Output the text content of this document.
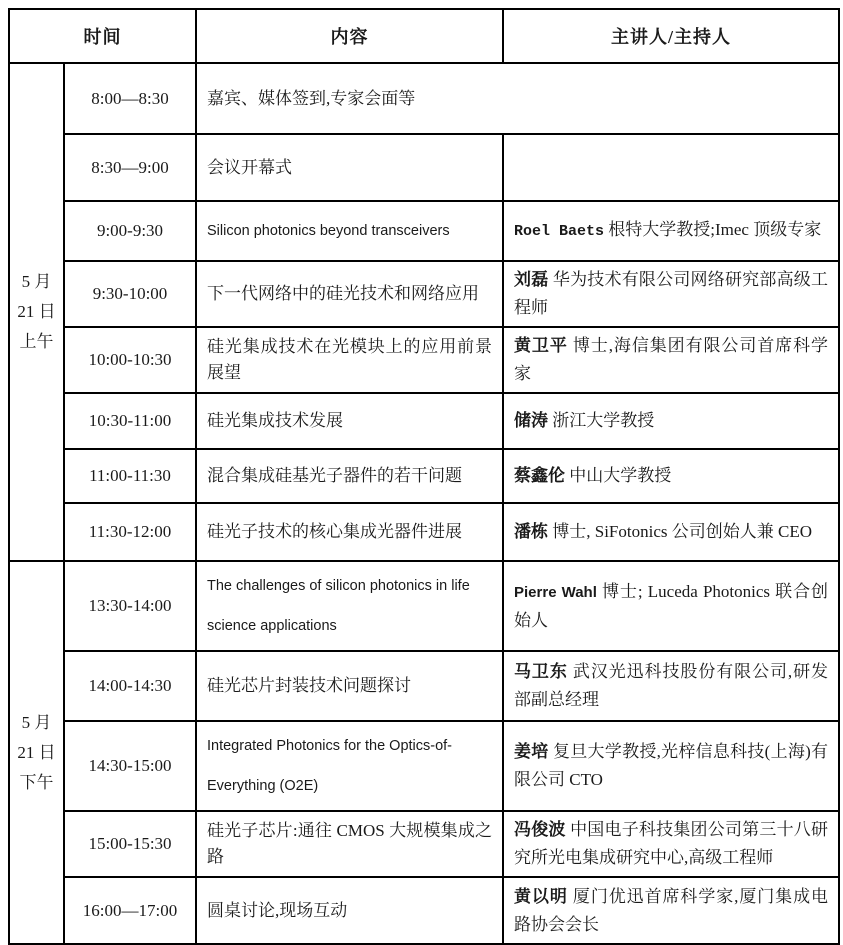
时间		内容	主讲人/主持人

5 月
21 日
上午	8:00—8:30	嘉宾、媒体签到,专家会面等	
	8:30—9:00	会议开幕式	
	9:00-9:30	Silicon photonics beyond transceivers	Roel Baets 根特大学教授;Imec 顶级专家
	9:30-10:00	下一代网络中的硅光技术和网络应用	刘磊 华为技术有限公司网络研究部高级工程师
	10:00-10:30	硅光集成技术在光模块上的应用前景展望	黄卫平 博士,海信集团有限公司首席科学家
	10:30-11:00	硅光集成技术发展	储涛 浙江大学教授
	11:00-11:30	混合集成硅基光子器件的若干问题	蔡鑫伦 中山大学教授
	11:30-12:00	硅光子技术的核心集成光器件进展	潘栋 博士, SiFotonics 公司创始人兼 CEO

5 月
21 日
下午	13:30-14:00	The challenges of silicon photonics in life science applications	Pierre Wahl 博士; Luceda Photonics 联合创始人
	14:00-14:30	硅光芯片封装技术问题探讨	马卫东 武汉光迅科技股份有限公司,研发部副总经理
	14:30-15:00	Integrated Photonics for the Optics-of-Everything (O2E)	姜培 复旦大学教授,光梓信息科技(上海)有限公司 CTO
	15:00-15:30	硅光子芯片:通往 CMOS 大规模集成之路	冯俊波 中国电子科技集团公司第三十八研究所光电集成研究中心,高级工程师
	16:00—17:00	圆桌讨论,现场互动	黄以明 厦门优迅首席科学家,厦门集成电路协会会长
